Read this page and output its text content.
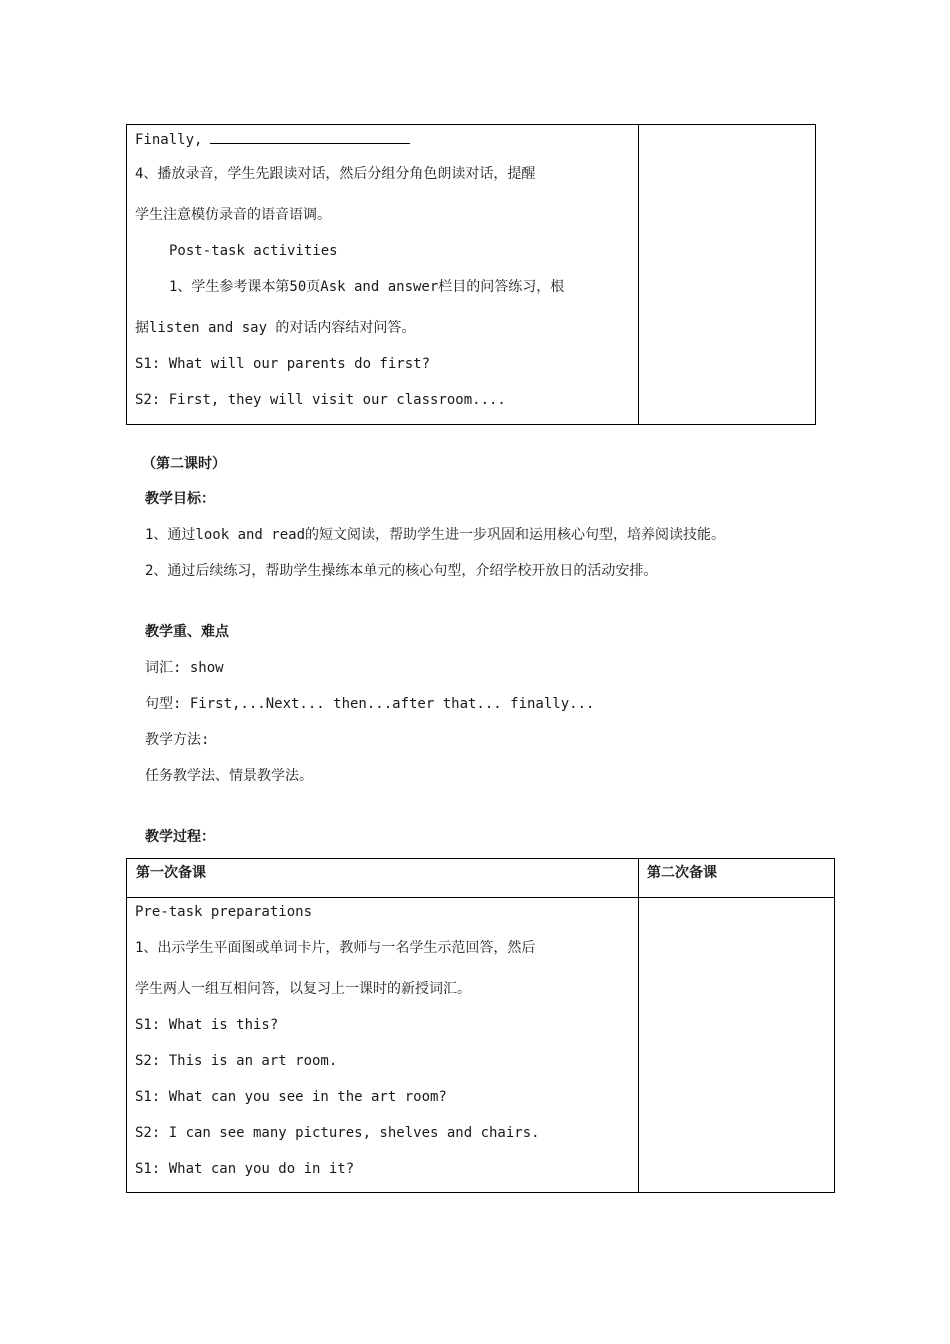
Finally,
4、播放录音，学生先跟读对话，然后分组分角色朗读对话，提醒
学生注意模仿录音的语音语调。
Post-task activities
1、学生参考课本第50页Ask and answer栏目的问答练习，根
据listen and say 的对话内容结对问答。
S1: What will our parents do first?
S2: First, they will visit our classroom....
（第二课时）
教学目标：
1、通过look and read的短文阅读，帮助学生进一步巩固和运用核心句型，培养阅读技能。
2、通过后续练习，帮助学生操练本单元的核心句型，介绍学校开放日的活动安排。
教学重、难点
词汇: show
句型: First,...Next... then...after that... finally...
教学方法:
任务教学法、情景教学法。
教学过程：
第一次备课	第二次备课
Pre-task preparations
1、出示学生平面图或单词卡片，教师与一名学生示范回答，然后
学生两人一组互相问答，以复习上一课时的新授词汇。
S1: What is this?
S2: This is an art room.
S1: What can you see in the art room?
S2: I can see many pictures, shelves and chairs.
S1: What can you do in it?
